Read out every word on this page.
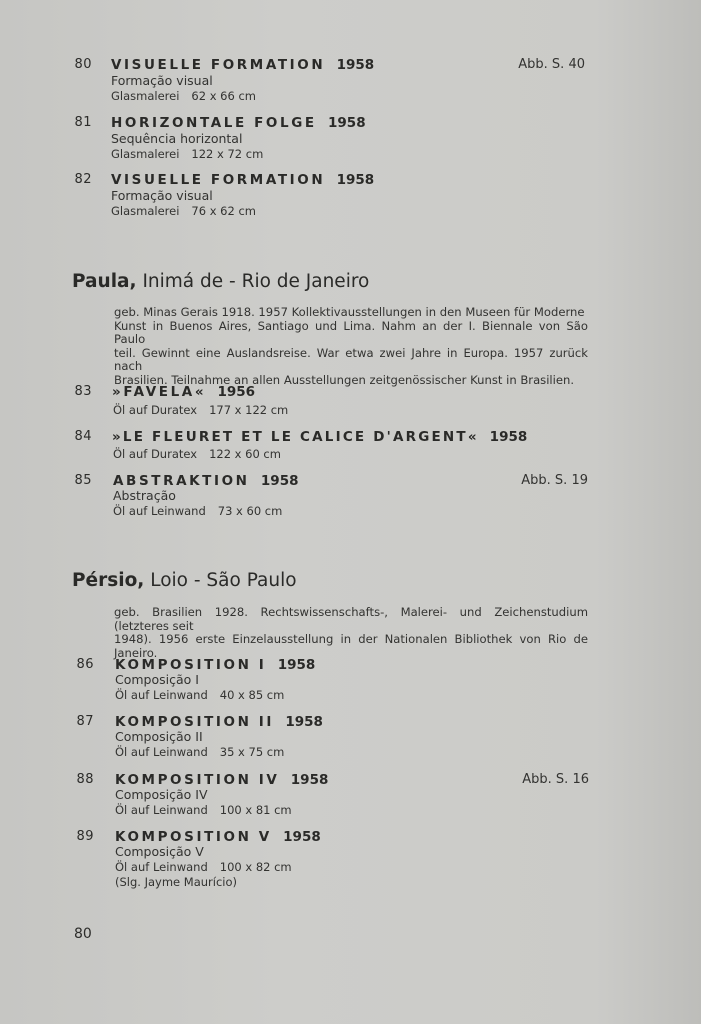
80 VISUELLE FORMATION 1958
Formação visual
Glasmalerei 62 x 66 cm
Abb. S. 40
81 HORIZONTALE FOLGE 1958
Sequência horizontal
Glasmalerei 122 x 72 cm
82 VISUELLE FORMATION 1958
Formação visual
Glasmalerei 76 x 62 cm
Paula, Inimá de - Rio de Janeiro
geb. Minas Gerais 1918. 1957 Kollektivausstellungen in den Museen für Moderne
Kunst in Buenos Aires, Santiago und Lima. Nahm an der I. Biennale von São Paulo
teil. Gewinnt eine Auslandsreise. War etwa zwei Jahre in Europa. 1957 zurück nach
Brasilien. Teilnahme an allen Ausstellungen zeitgenössischer Kunst in Brasilien.
83 »FAVELA« 1956
Öl auf Duratex 177 x 122 cm
84 »LE FLEURET ET LE CALICE D'ARGENT« 1958
Öl auf Duratex 122 x 60 cm
85 ABSTRAKTION 1958
Abstração
Öl auf Leinwand 73 x 60 cm
Abb. S. 19
Pérsio, Loio - São Paulo
geb. Brasilien 1928. Rechtswissenschafts-, Malerei- und Zeichenstudium (letzteres seit
1948). 1956 erste Einzelausstellung in der Nationalen Bibliothek von Rio de Janeiro.
86 KOMPOSITION I 1958
Composição I
Öl auf Leinwand 40 x 85 cm
87 KOMPOSITION II 1958
Composição II
Öl auf Leinwand 35 x 75 cm
88 KOMPOSITION IV 1958
Composição IV
Öl auf Leinwand 100 x 81 cm
Abb. S. 16
89 KOMPOSITION V 1958
Composição V
Öl auf Leinwand 100 x 82 cm
(Slg. Jayme Maurício)
80
